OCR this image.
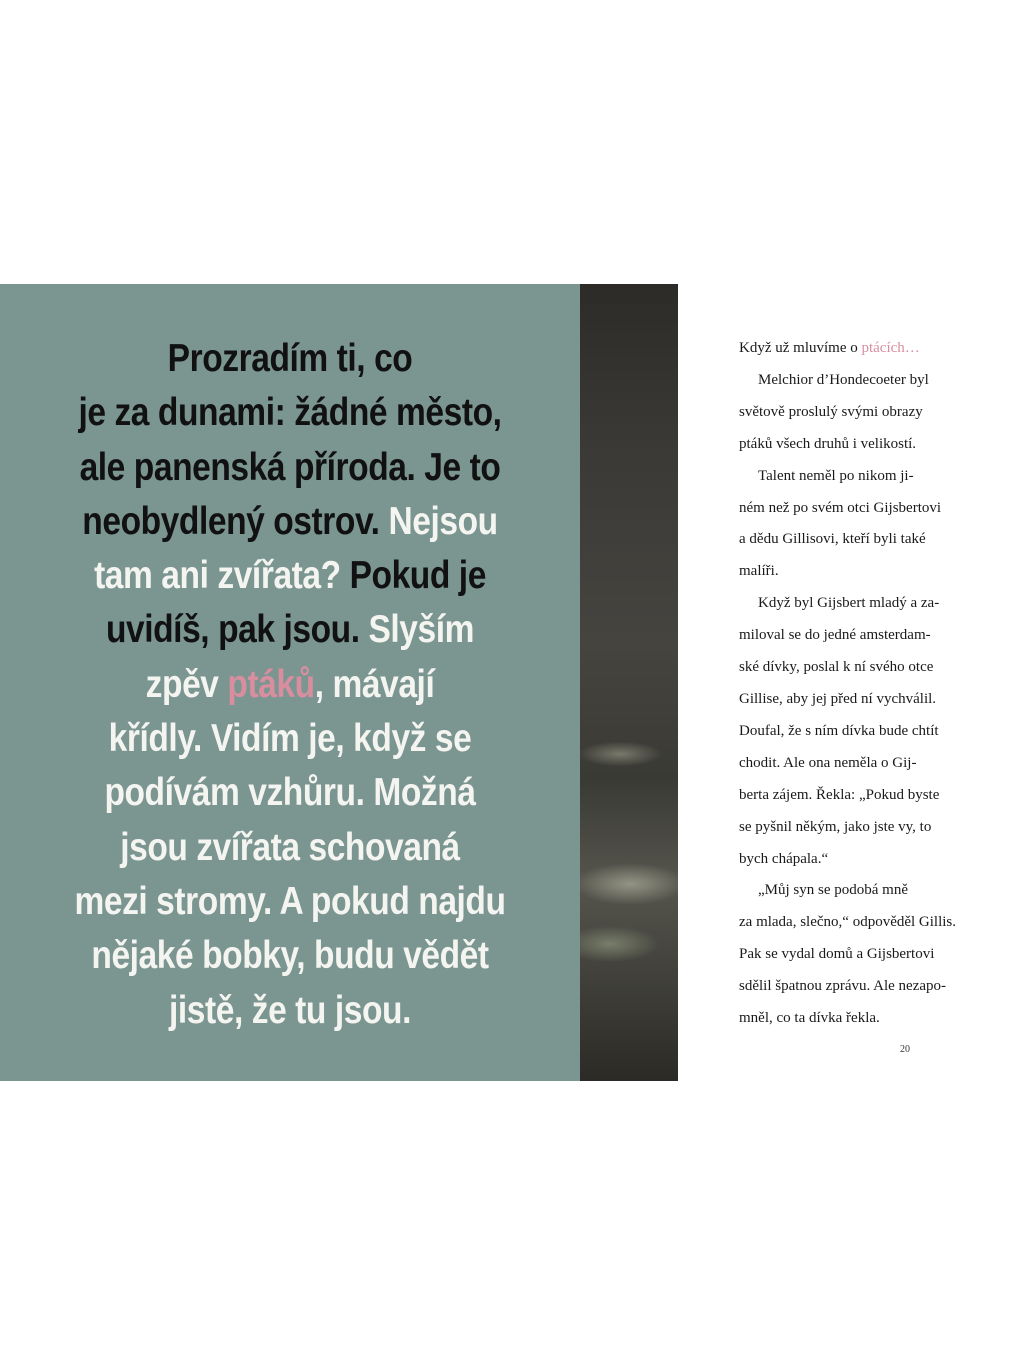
Prozradím ti, co
je za dunami: žádné město,
ale panenská příroda. Je to
neobydlený ostrov. Nejsou
tam ani zvířata? Pokud je
uvidíš, pak jsou. Slyším
zpěv ptáků, mávají
křídly. Vidím je, když se
podívám vzhůru. Možná
jsou zvířata schovaná
mezi stromy. A pokud najdu
nějaké bobky, budu vědět
jistě, že tu jsou.

Když už mluvíme o ptácích…
Melchior d’Hondecoeter byl
světově proslulý svými obrazy
ptáků všech druhů i velikostí.
Talent neměl po nikom ji-
ném než po svém otci Gijsbertovi
a dědu Gillisovi, kteří byli také
malíři.
Když byl Gijsbert mladý a za-
miloval se do jedné amsterdam-
ské dívky, poslal k ní svého otce
Gillise, aby jej před ní vychválil.
Doufal, že s ním dívka bude chtít
chodit. Ale ona neměla o Gij-
berta zájem. Řekla: „Pokud byste
se pyšnil někým, jako jste vy, to
bych chápala.“
„Můj syn se podobá mně
za mlada, slečno,“ odpověděl Gillis.
Pak se vydal domů a Gijsbertovi
sdělil špatnou zprávu. Ale nezapo-
mněl, co ta dívka řekla.
20
